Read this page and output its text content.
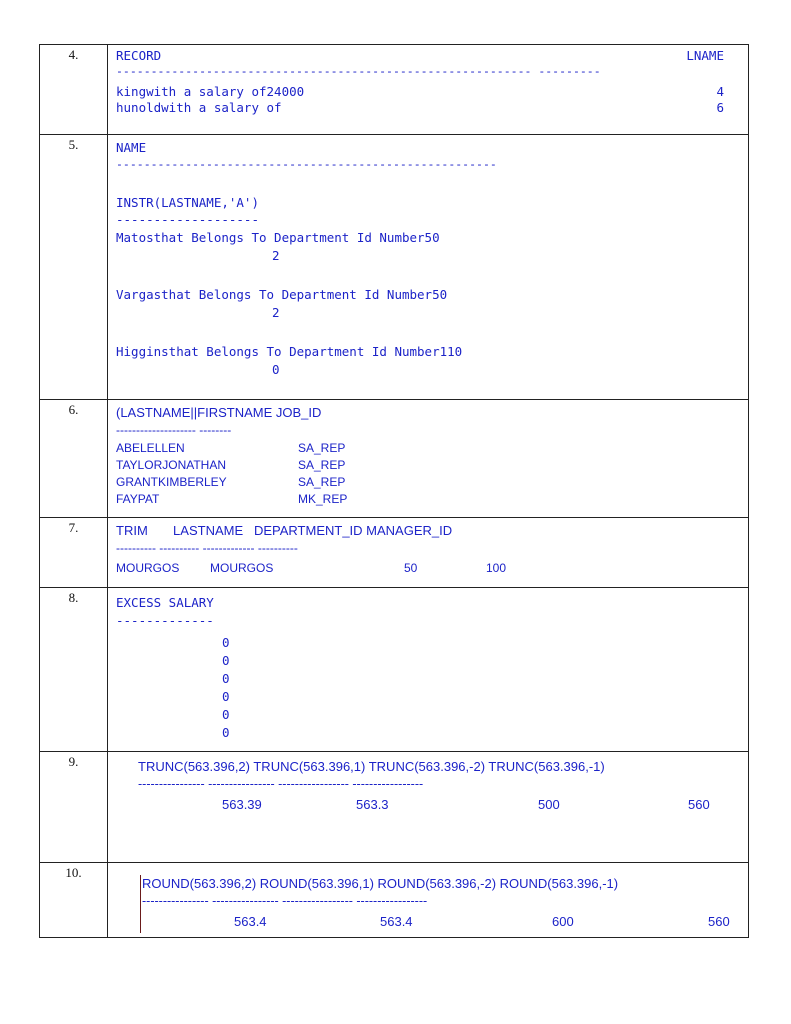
4.	RECORD	LNAME
------------------------------------------------------------ ---------
kingwith a salary of24000	4
hunoldwith a salary of	6
5.	NAME
-------------------------------------------------------
INSTR(LASTNAME,'A')
-------------------
Matosthat Belongs To Department Id Number50
2
Vargasthat Belongs To Department Id Number50
2
Higginsthat Belongs To Department Id Number110
0
6.	(LASTNAME||FIRSTNAME JOB_ID
-------------------- --------
ABELELLEN	SA_REP
TAYLORJONATHAN	SA_REP
GRANTKIMBERLEY	SA_REP
FAYPAT	MK_REP
7.	TRIM       LASTNAME   DEPARTMENT_ID MANAGER_ID
---------- ---------- ------------- ----------
MOURGOS	MOURGOS	50	100
8.	EXCESS SALARY
-------------
0
0
0
0
0
0
9.	TRUNC(563.396,2) TRUNC(563.396,1) TRUNC(563.396,-2) TRUNC(563.396,-1)
---------------- ---------------- ----------------- -----------------
563.39	563.3	500	560
10.
ROUND(563.396,2) ROUND(563.396,1) ROUND(563.396,-2) ROUND(563.396,-1)
---------------- ---------------- ----------------- -----------------
563.4	563.4	600	560
